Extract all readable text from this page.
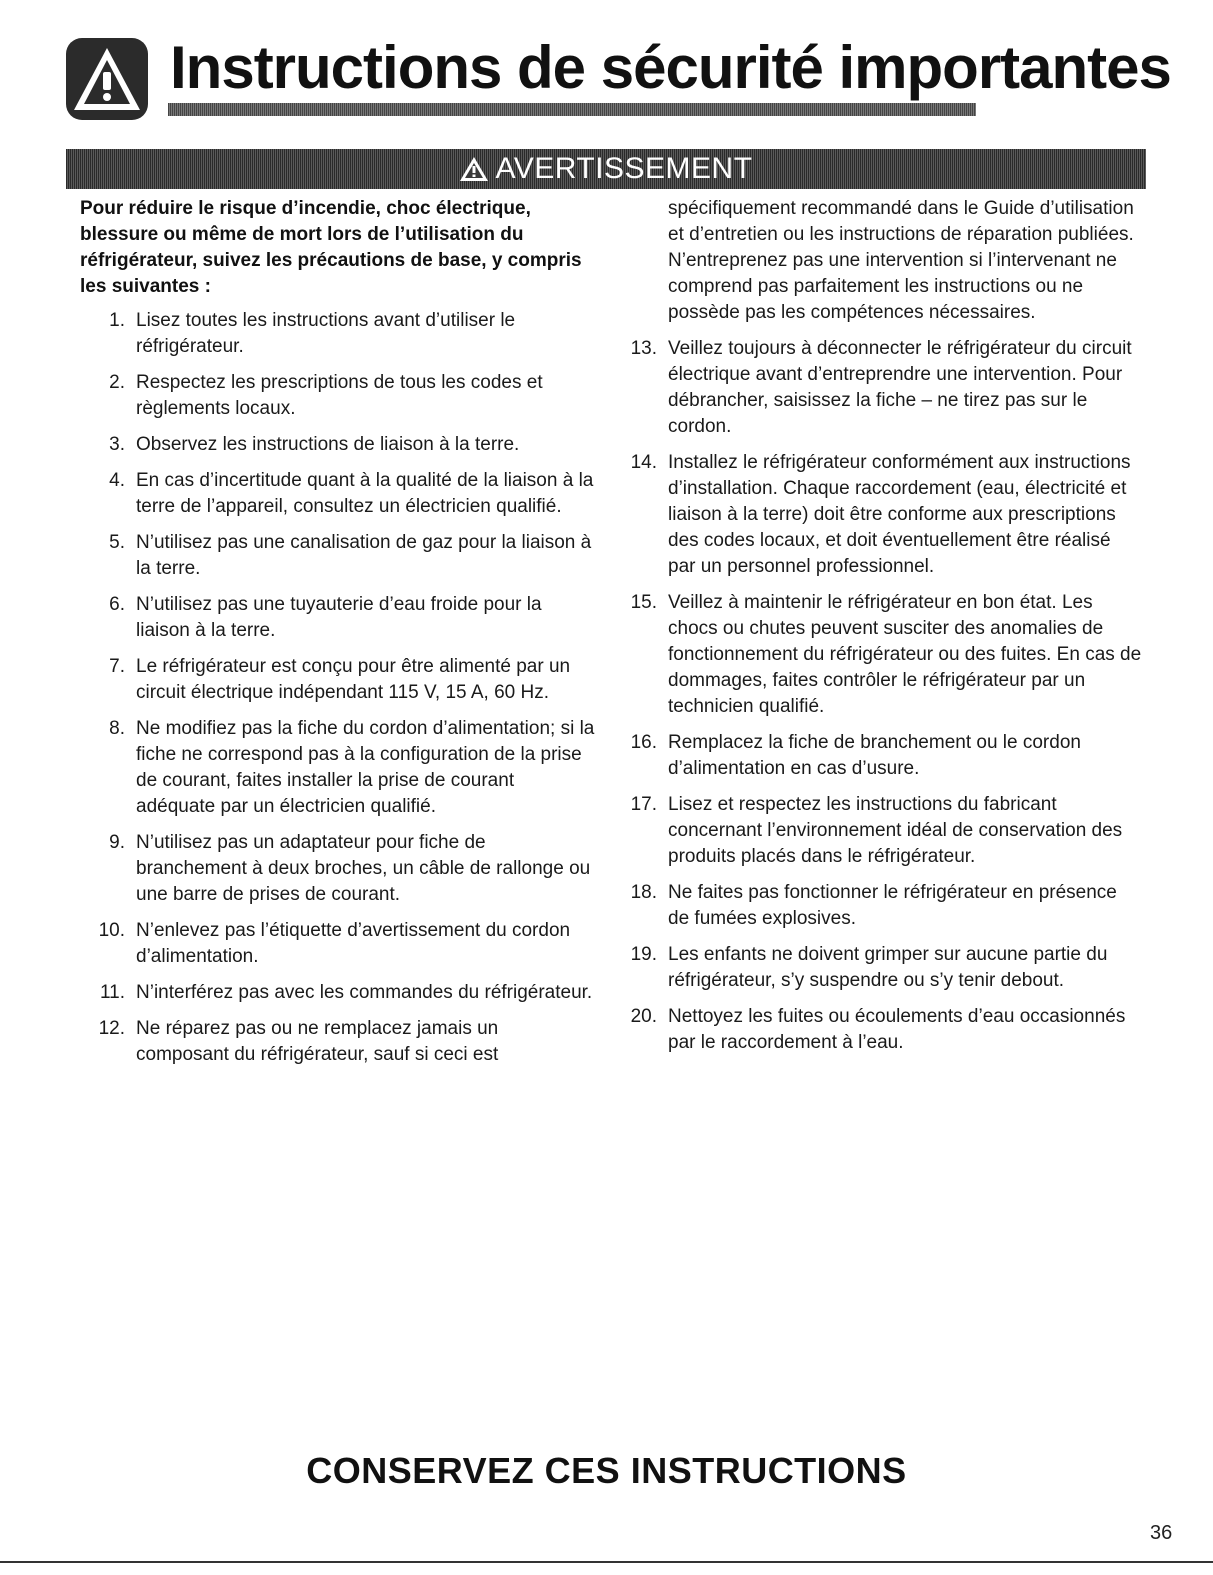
Instructions de sécurité importantes
AVERTISSEMENT

Pour réduire le risque d’incendie, choc électrique, blessure ou même de mort lors de l’utilisation du réfrigérateur, suivez les précautions de base, y compris les suivantes :

1. Lisez toutes les instructions avant d’utiliser le réfrigérateur.
2. Respectez les prescriptions de tous les codes et règlements locaux.
3. Observez les instructions de liaison à la terre.
4. En cas d’incertitude quant à la qualité de la liaison à la terre de l’appareil, consultez un électricien qualifié.
5. N’utilisez pas une canalisation de gaz pour la liaison à la terre.
6. N’utilisez pas une tuyauterie d’eau froide pour la liaison à la terre.
7. Le réfrigérateur est conçu pour être alimenté par un circuit électrique indépendant 115 V, 15 A, 60 Hz.
8. Ne modifiez pas la fiche du cordon d’alimentation; si la fiche ne correspond pas à la configuration de la prise de courant, faites installer la prise de courant adéquate par un électricien qualifié.
9. N’utilisez pas un adaptateur pour fiche de branchement à deux broches, un câble de rallonge ou une barre de prises de courant.
10. N’enlevez pas l’étiquette d’avertissement du cordon d’alimentation.
11. N’interférez pas avec les commandes du réfrigérateur.
12. Ne réparez pas ou ne remplacez jamais un composant du réfrigérateur, sauf si ceci est
spécifiquement recommandé dans le Guide d’utilisation et d’entretien ou les instructions de réparation publiées. N’entreprenez pas une intervention si l’intervenant ne comprend pas parfaitement les instructions ou ne possède pas les compétences nécessaires.
13. Veillez toujours à déconnecter le réfrigérateur du circuit électrique avant d’entreprendre une intervention. Pour débrancher, saisissez la fiche – ne tirez pas sur le cordon.
14. Installez le réfrigérateur conformément aux instructions d’installation. Chaque raccordement (eau, électricité et liaison à la terre) doit être conforme aux prescriptions des codes locaux, et doit éventuellement être réalisé par un personnel professionnel.
15. Veillez à maintenir le réfrigérateur en bon état. Les chocs ou chutes peuvent susciter des anomalies de fonctionnement du réfrigérateur ou des fuites. En cas de dommages, faites contrôler le réfrigérateur par un technicien qualifié.
16. Remplacez la fiche de branchement ou le cordon d’alimentation en cas d’usure.
17. Lisez et respectez les instructions du fabricant concernant l’environnement idéal de conservation des produits placés dans le réfrigérateur.
18. Ne faites pas fonctionner le réfrigérateur en présence de fumées explosives.
19. Les enfants ne doivent grimper sur aucune partie du réfrigérateur, s’y suspendre ou s’y tenir debout.
20. Nettoyez les fuites ou écoulements d’eau occasionnés par le raccordement à l’eau.
CONSERVEZ CES INSTRUCTIONS
36
